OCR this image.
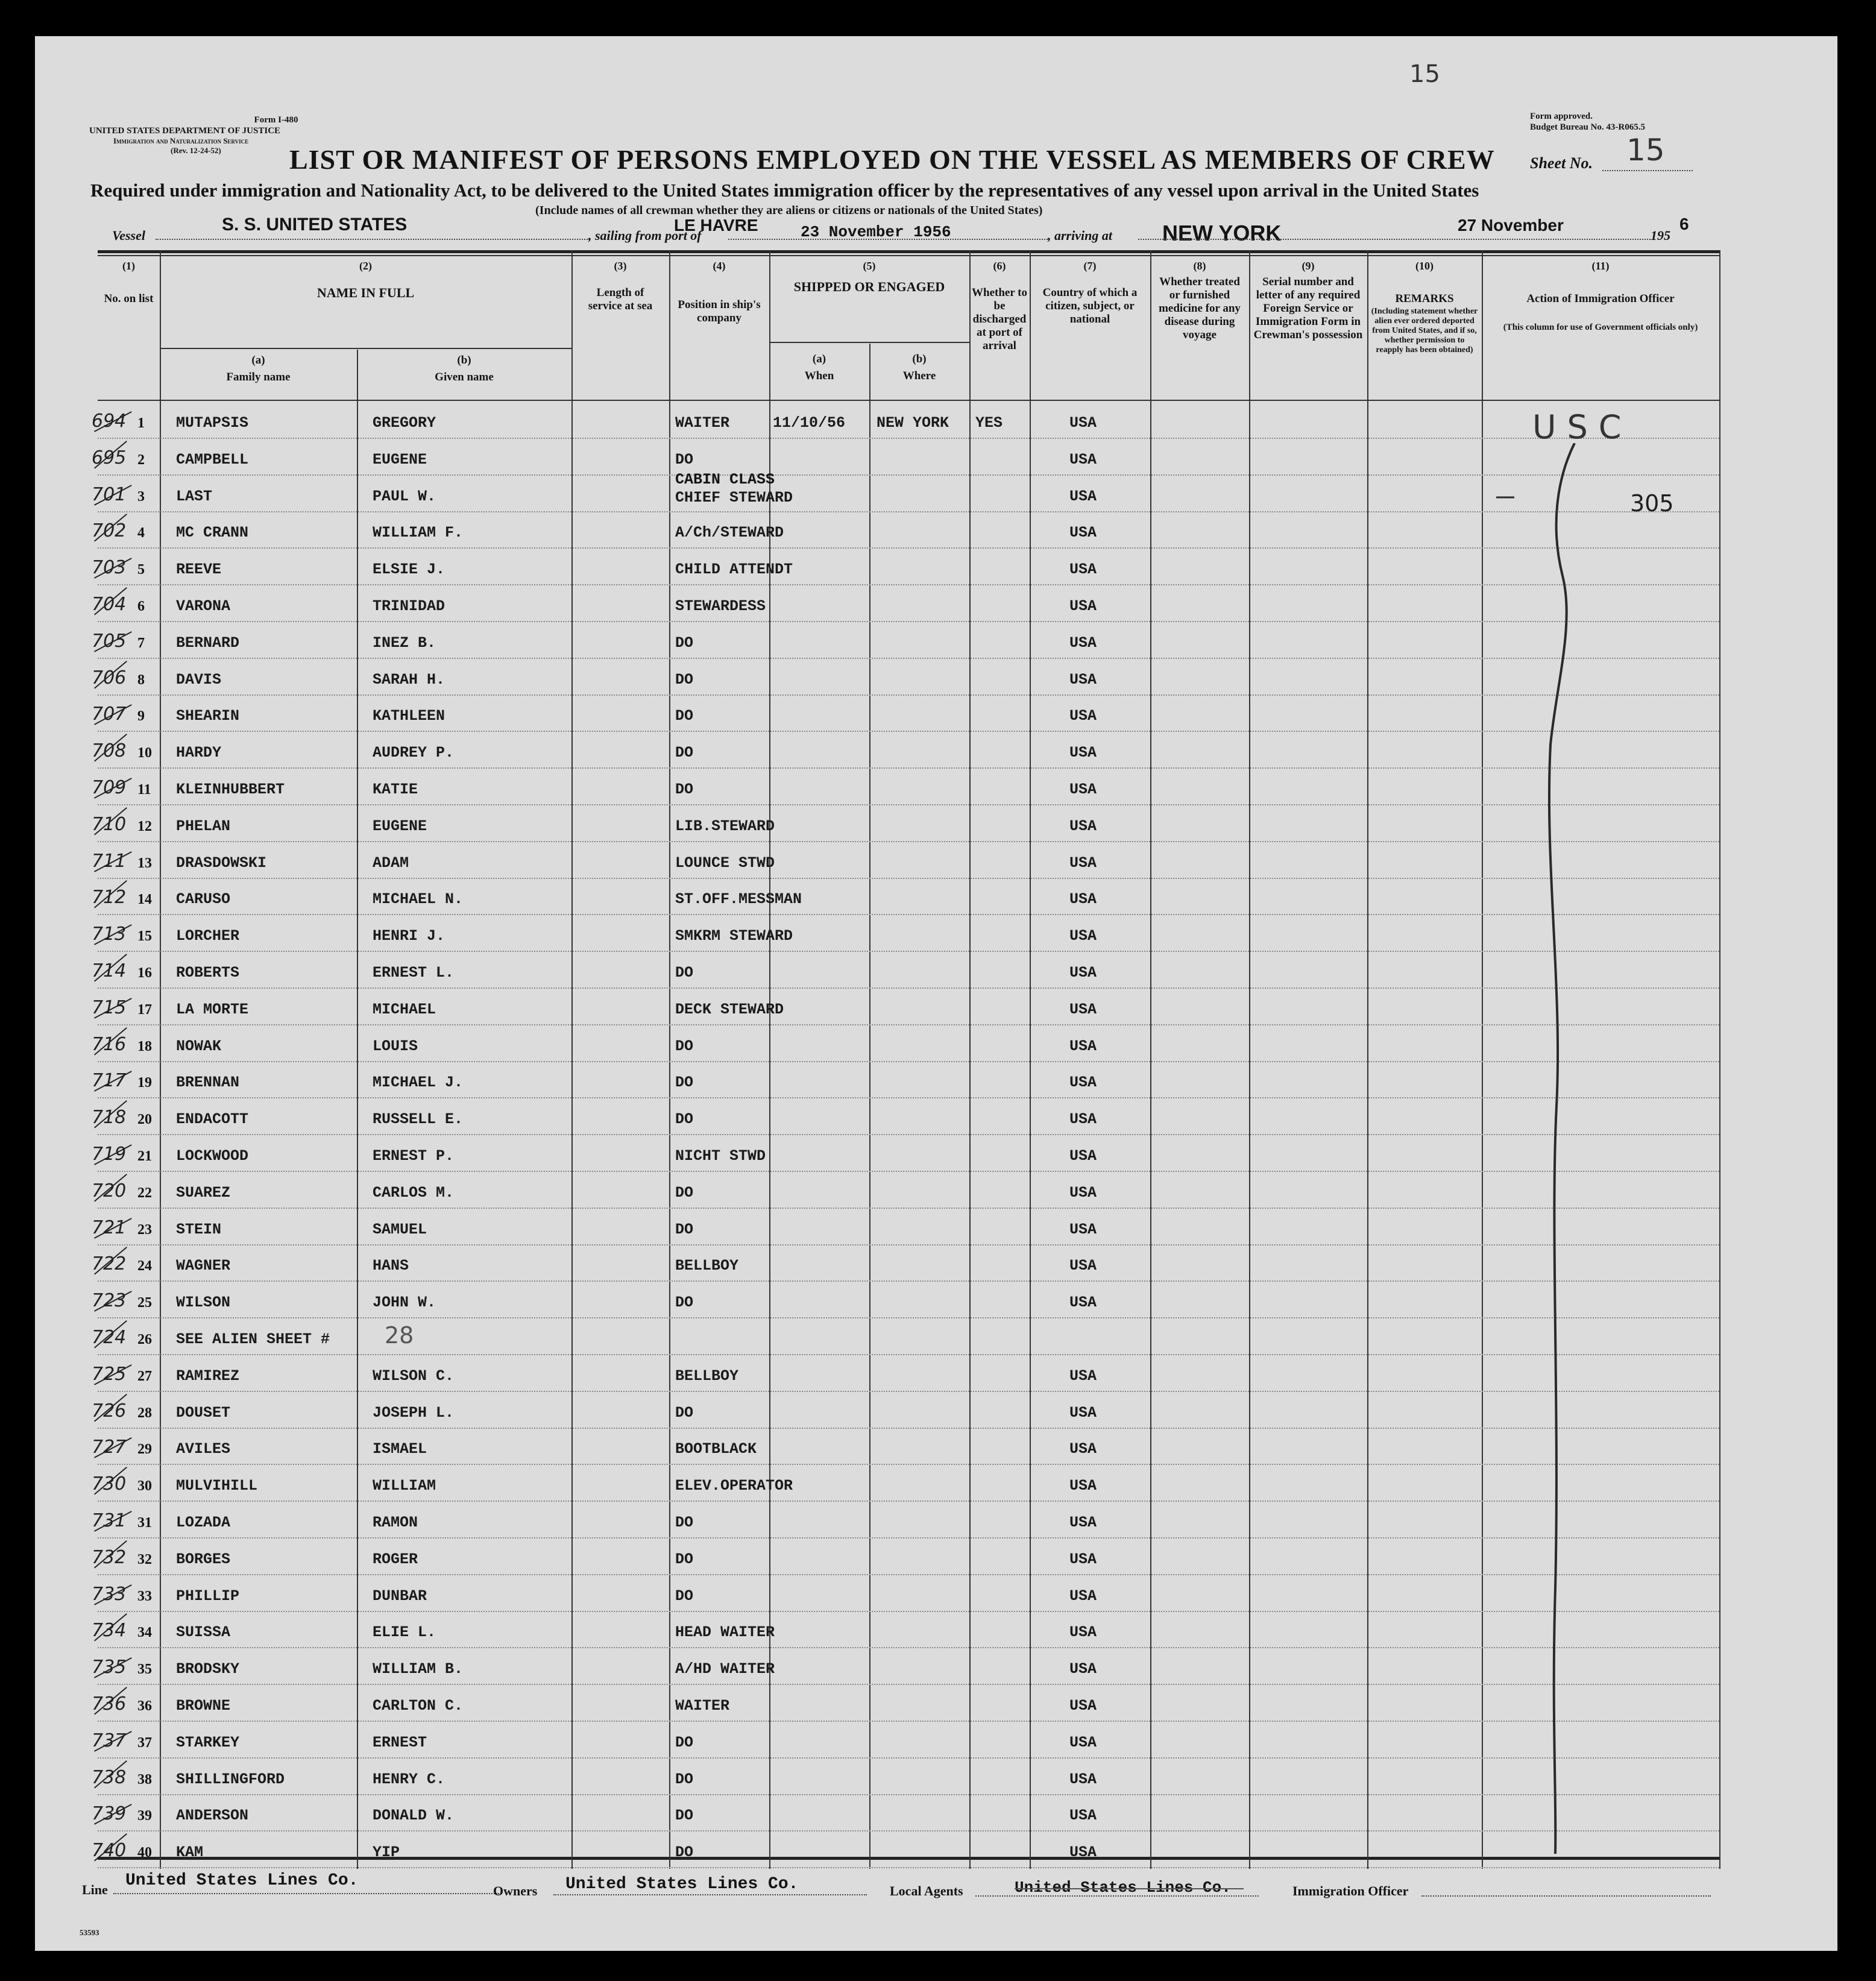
15
Form I-480
UNITED STATES DEPARTMENT OF JUSTICE
Immigration and Naturalization Service
(Rev. 12-24-52)
Form approved.
Budget Bureau No. 43-R065.5
LIST OR MANIFEST OF PERSONS EMPLOYED ON THE VESSEL AS MEMBERS OF CREW Sheet No. 15
Required under immigration and Nationality Act, to be delivered to the United States immigration officer by the representatives of any vessel upon arrival in the United States
(Include names of all crewman whether they are aliens or citizens or nationals of the United States)
Vessel
S. S. UNITED STATES
, sailing from port of
LE HAVRE	23 November 1956	, arriving at NEW YORK	27 November
195
6
(1)
No. on list
(2)
NAME IN FULL
(a)
Family name
(b)
Given name
(3)
Length of service at sea
(4)
Position in ship's company
(5)
SHIPPED OR ENGAGED
(a)
When
(b)
Where
(6)
Whether to be discharged at port of arrival
(7)
Country of which a citizen, subject, or national
(8)
Whether treated or furnished medicine for any disease during voyage
(9)
Serial number and letter of any required Foreign Service or Immigration Form in Crewman's possession
(10)
REMARKS
(Including statement whether alien ever ordered deported from United States, and if so, whether permission to reapply has been obtained)
(11)
Action of Immigration Officer
(This column for use of Government officials only)
694 1 MUTAPSIS	GREGORY	WAITER	11/10/56 NEW YORK YES	USA
695 2 CAMPBELL	EUGENE	DO	USA
701 3 LAST	PAUL W.
CABIN CLASS
CHIEF STEWARD	USA
702 4 MC CRANN	WILLIAM F.	A/Ch/STEWARD	USA
703 5 REEVE	ELSIE J.	CHILD ATTENDT	USA
704 6 VARONA	TRINIDAD	STEWARDESS	USA
705 7 BERNARD	INEZ B.	DO	USA
706 8 DAVIS	SARAH H.	DO	USA
707 9 SHEARIN	KATHLEEN	DO	USA
708 10 HARDY	AUDREY P.	DO	USA
709 11 KLEINHUBBERT	KATIE	DO	USA
710 12 PHELAN	EUGENE	LIB.STEWARD	USA
711 13 DRASDOWSKI	ADAM	LOUNCE STWD	USA
712 14 CARUSO	MICHAEL N.	ST.OFF.MESSMAN	USA
713 15 LORCHER	HENRI J.	SMKRM STEWARD	USA
714 16 ROBERTS	ERNEST L.	DO	USA
715 17 LA MORTE	MICHAEL	DECK STEWARD	USA
716 18 NOWAK	LOUIS	DO	USA
717 19 BRENNAN	MICHAEL J.	DO	USA
718 20 ENDACOTT	RUSSELL E.	DO	USA
719 21 LOCKWOOD	ERNEST P.	NICHT STWD	USA
720 22 SUAREZ	CARLOS M.	DO	USA
721 23 STEIN	SAMUEL	DO	USA
722 24 WAGNER	HANS	BELLBOY	USA
723 25 WILSON	JOHN W.	DO	USA
724 26 SEE ALIEN SHEET # 28
725 27 RAMIREZ	WILSON C.	BELLBOY	USA
726 28 DOUSET	JOSEPH L.	DO	USA
727 29 AVILES	ISMAEL	BOOTBLACK	USA
730 30 MULVIHILL	WILLIAM	ELEV.OPERATOR	USA
731 31 LOZADA	RAMON	DO	USA
732 32 BORGES	ROGER	DO	USA
733 33 PHILLIP	DUNBAR	DO	USA
734 34 SUISSA	ELIE L.	HEAD WAITER	USA
735 35 BRODSKY	WILLIAM B.	A/HD WAITER	USA
736 36 BROWNE	CARLTON C.	WAITER	USA
737 37 STARKEY	ERNEST	DO	USA
738 38 SHILLINGFORD	HENRY C.	DO	USA
739 39 ANDERSON	DONALD W.	DO	USA
740 40 KAM	YIP	DO	USA
USC
305
Line United States Lines Co.
Owners United States Lines Co.	Local Agents	United States Lines Co.	Immigration Officer
53593
